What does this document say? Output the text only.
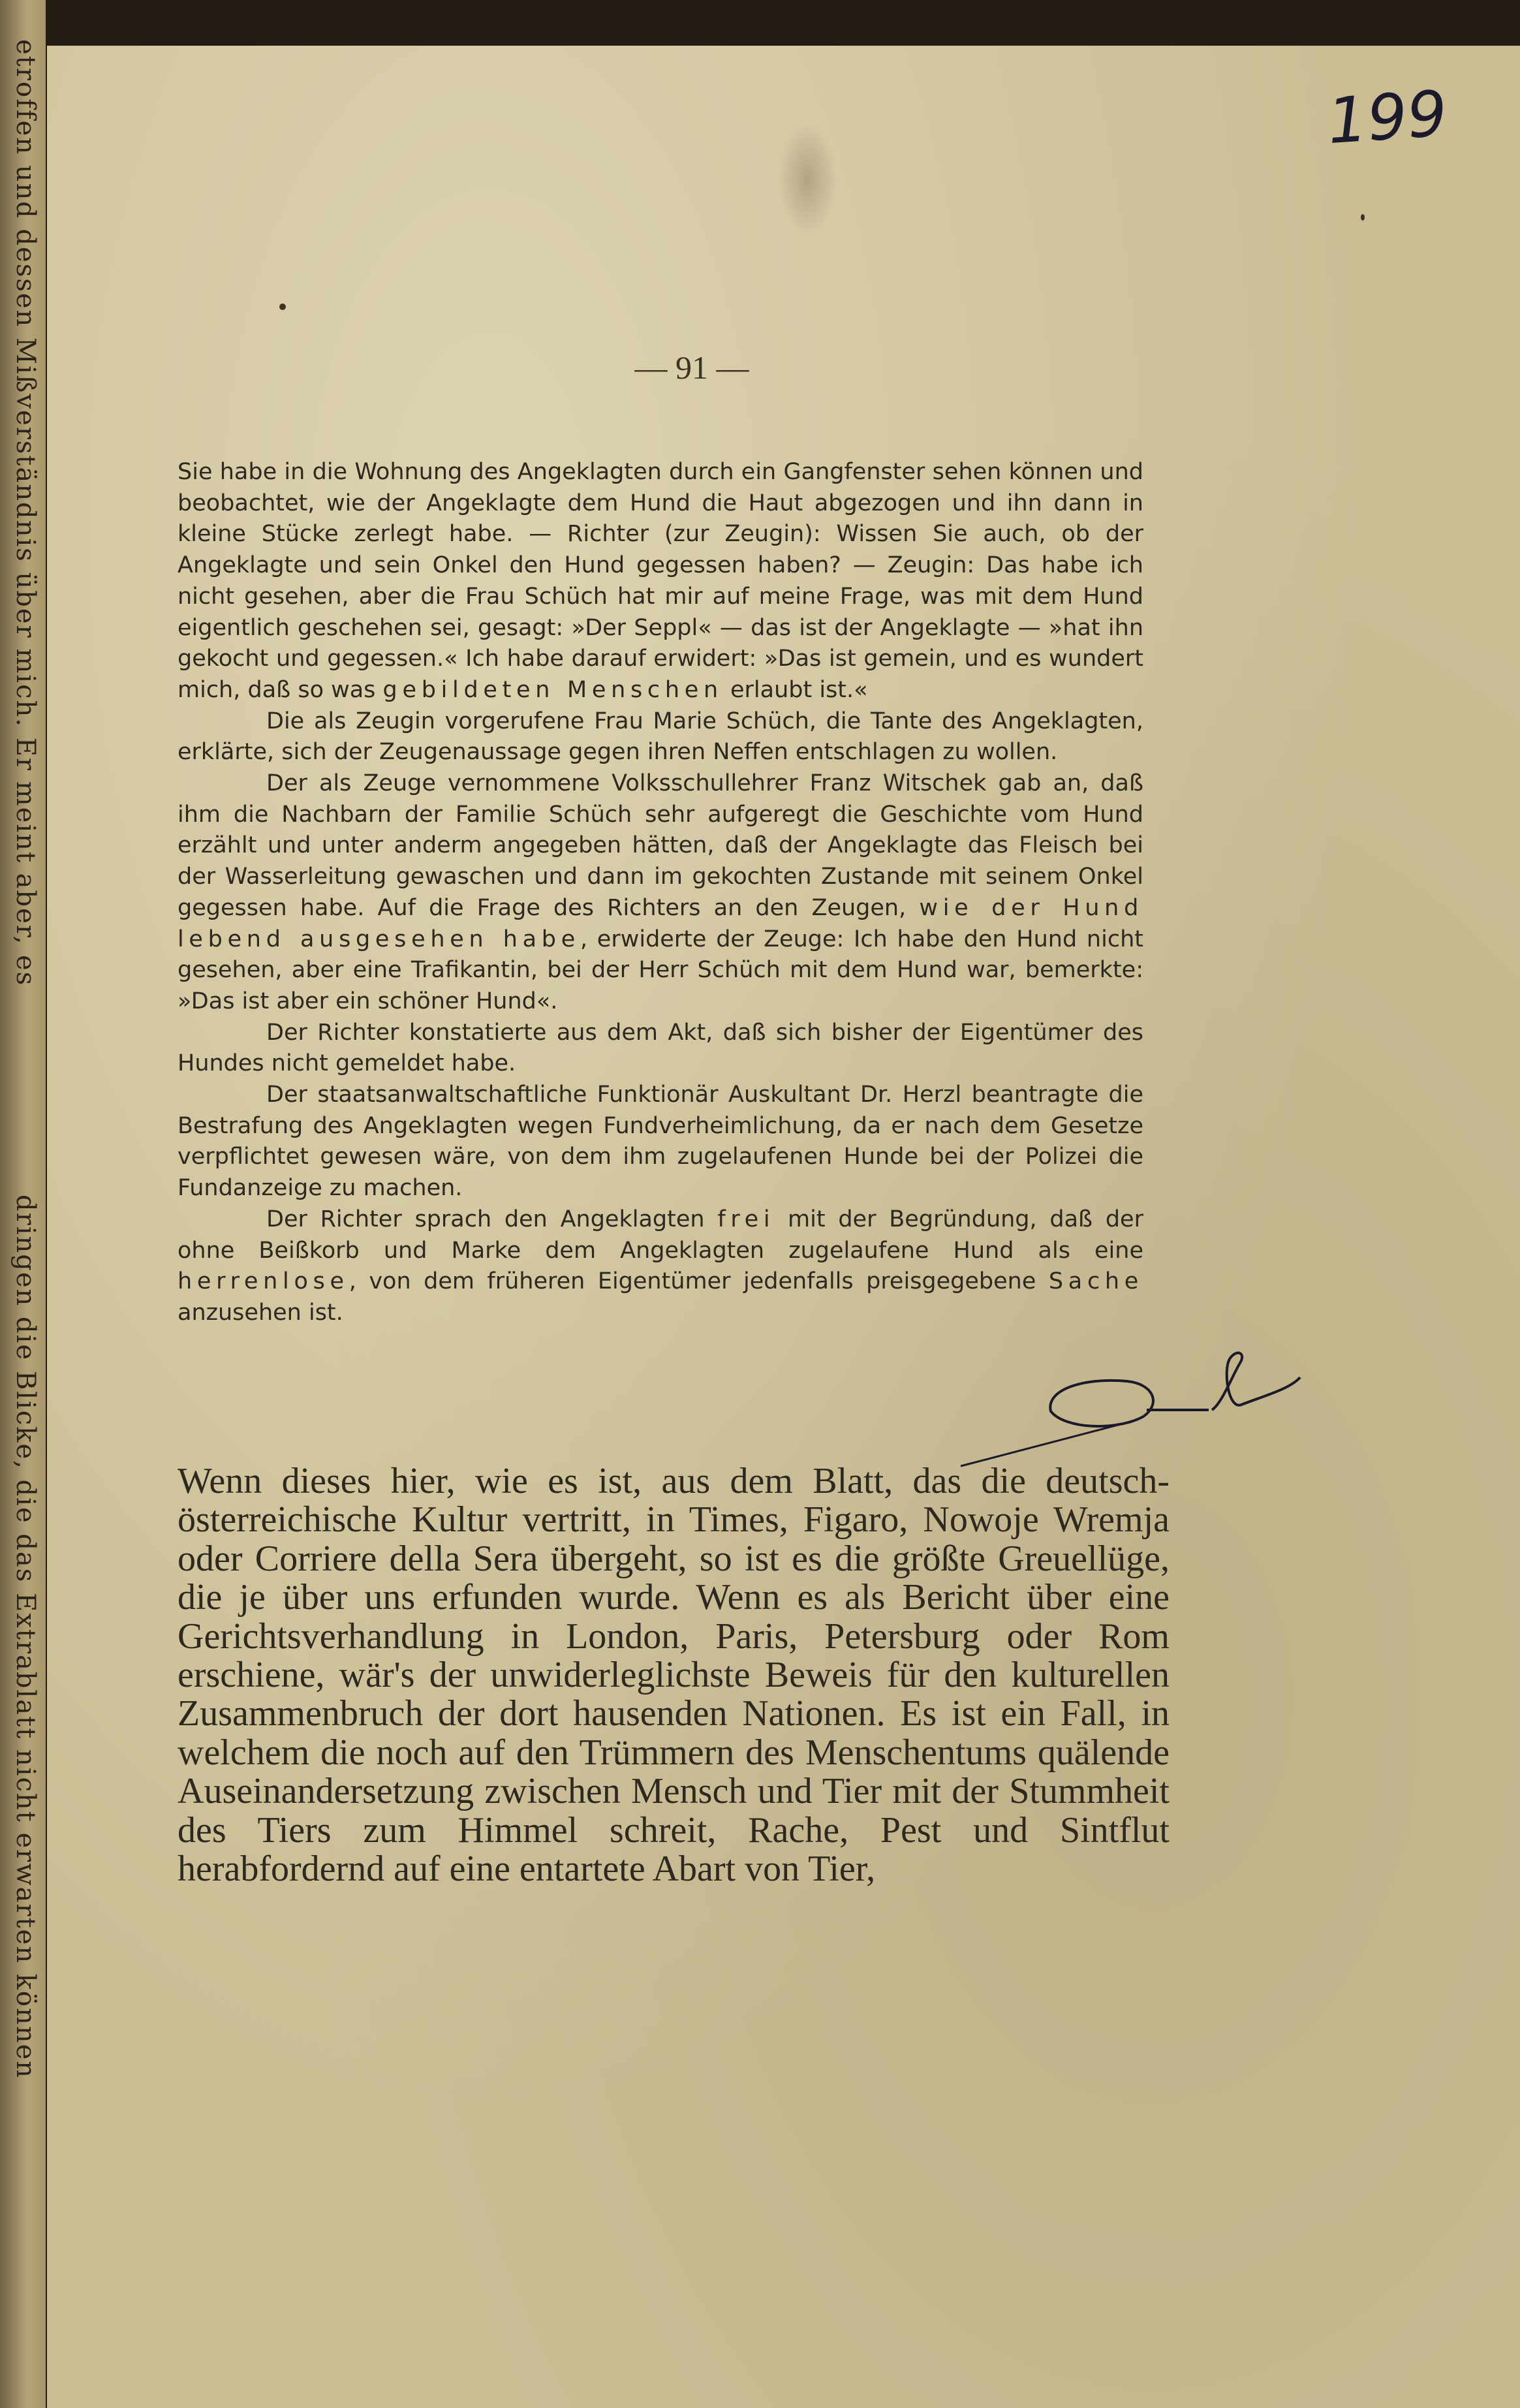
etroffen und dessen Mißverständnis über mich. Er meint aber, es
dringen die Blicke, die das Extrablatt nicht erwarten können
199
— 91 —

Sie habe in die Wohnung des Angeklagten durch ein Gangfenster sehen können und beobachtet, wie der Angeklagte dem Hund die Haut abgezogen und ihn dann in kleine Stücke zerlegt habe. — Richter (zur Zeugin): Wissen Sie auch, ob der Angeklagte und sein Onkel den Hund gegessen haben? — Zeugin: Das habe ich nicht gesehen, aber die Frau Schüch hat mir auf meine Frage, was mit dem Hund eigentlich geschehen sei, gesagt: »Der Seppl« — das ist der Angeklagte — »hat ihn gekocht und gegessen.« Ich habe darauf erwidert: »Das ist gemein, und es wundert mich, daß so was gebildeten Menschen erlaubt ist.«

Die als Zeugin vorgerufene Frau Marie Schüch, die Tante des Angeklagten, erklärte, sich der Zeugenaussage gegen ihren Neffen entschlagen zu wollen.

Der als Zeuge vernommene Volksschullehrer Franz Witschek gab an, daß ihm die Nachbarn der Familie Schüch sehr aufgeregt die Geschichte vom Hund erzählt und unter anderm angegeben hätten, daß der Angeklagte das Fleisch bei der Wasserleitung gewaschen und dann im gekochten Zustande mit seinem Onkel gegessen habe. Auf die Frage des Richters an den Zeugen, wie der Hund lebend ausgesehen habe, erwiderte der Zeuge: Ich habe den Hund nicht gesehen, aber eine Trafikantin, bei der Herr Schüch mit dem Hund war, bemerkte: »Das ist aber ein schöner Hund«.

Der Richter konstatierte aus dem Akt, daß sich bisher der Eigentümer des Hundes nicht gemeldet habe.

Der staatsanwaltschaftliche Funktionär Auskultant Dr. Herzl beantragte die Bestrafung des Angeklagten wegen Fundverheimlichung, da er nach dem Gesetze verpflichtet gewesen wäre, von dem ihm zugelaufenen Hunde bei der Polizei die Fundanzeige zu machen.

Der Richter sprach den Angeklagten frei mit der Begründung, daß der ohne Beißkorb und Marke dem Angeklagten zugelaufene Hund als eine herrenlose, von dem früheren Eigentümer jedenfalls preisgegebene Sache anzusehen ist.

Wenn dieses hier, wie es ist, aus dem Blatt, das die deutsch-österreichische Kultur vertritt, in Times, Figaro, Nowoje Wremja oder Corriere della Sera übergeht, so ist es die größte Greuellüge, die je über uns erfunden wurde. Wenn es als Bericht über eine Gerichtsverhandlung in London, Paris, Petersburg oder Rom erschiene, wär's der unwiderleglichste Beweis für den kulturellen Zusammenbruch der dort hausenden Nationen. Es ist ein Fall, in welchem die noch auf den Trümmern des Menschentums quälende Auseinandersetzung zwischen Mensch und Tier mit der Stummheit des Tiers zum Himmel schreit, Rache, Pest und Sintflut herabfordernd auf eine entartete Abart von Tier,
